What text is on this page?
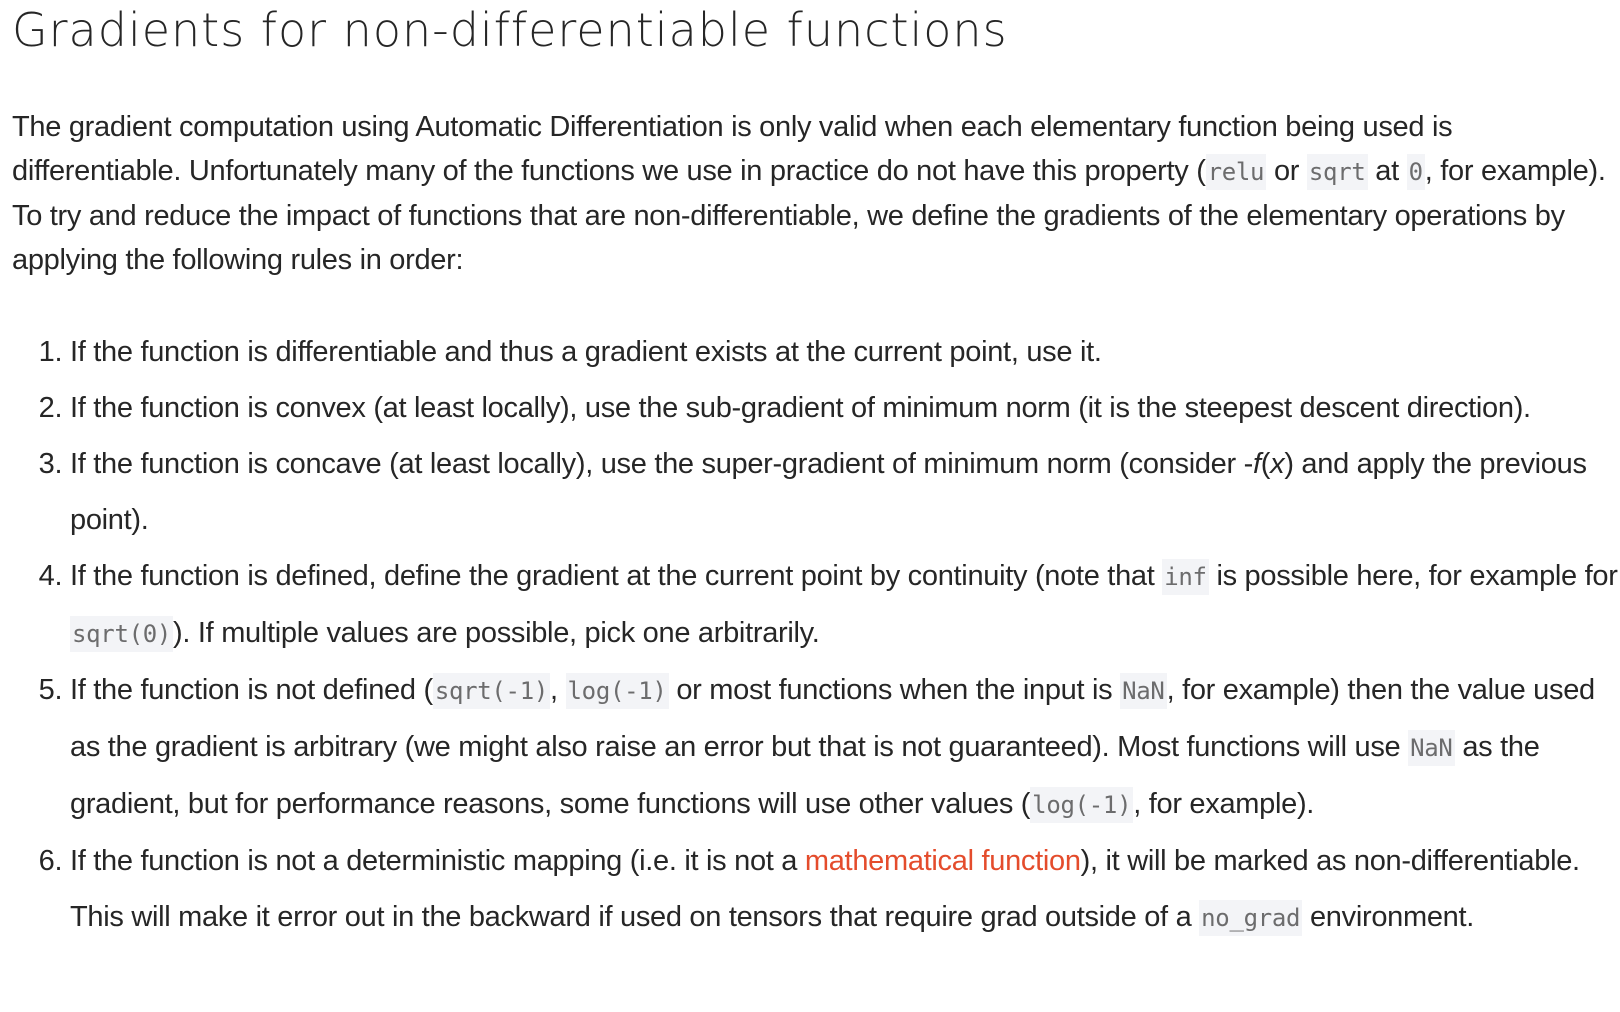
Gradients for non-differentiable functions

The gradient computation using Automatic Differentiation is only valid when each elementary function being used is differentiable. Unfortunately many of the functions we use in practice do not have this property (relu or sqrt at 0, for example). To try and reduce the impact of functions that are non-differentiable, we define the gradients of the elementary operations by applying the following rules in order:

1. If the function is differentiable and thus a gradient exists at the current point, use it.
2. If the function is convex (at least locally), use the sub-gradient of minimum norm (it is the steepest descent direction).
3. If the function is concave (at least locally), use the super-gradient of minimum norm (consider -f(x) and apply the previous point).
4. If the function is defined, define the gradient at the current point by continuity (note that inf is possible here, for example for sqrt(0)). If multiple values are possible, pick one arbitrarily.
5. If the function is not defined (sqrt(-1), log(-1) or most functions when the input is NaN, for example) then the value used as the gradient is arbitrary (we might also raise an error but that is not guaranteed). Most functions will use NaN as the gradient, but for performance reasons, some functions will use other values (log(-1), for example).
6. If the function is not a deterministic mapping (i.e. it is not a mathematical function), it will be marked as non-differentiable. This will make it error out in the backward if used on tensors that require grad outside of a no_grad environment.
